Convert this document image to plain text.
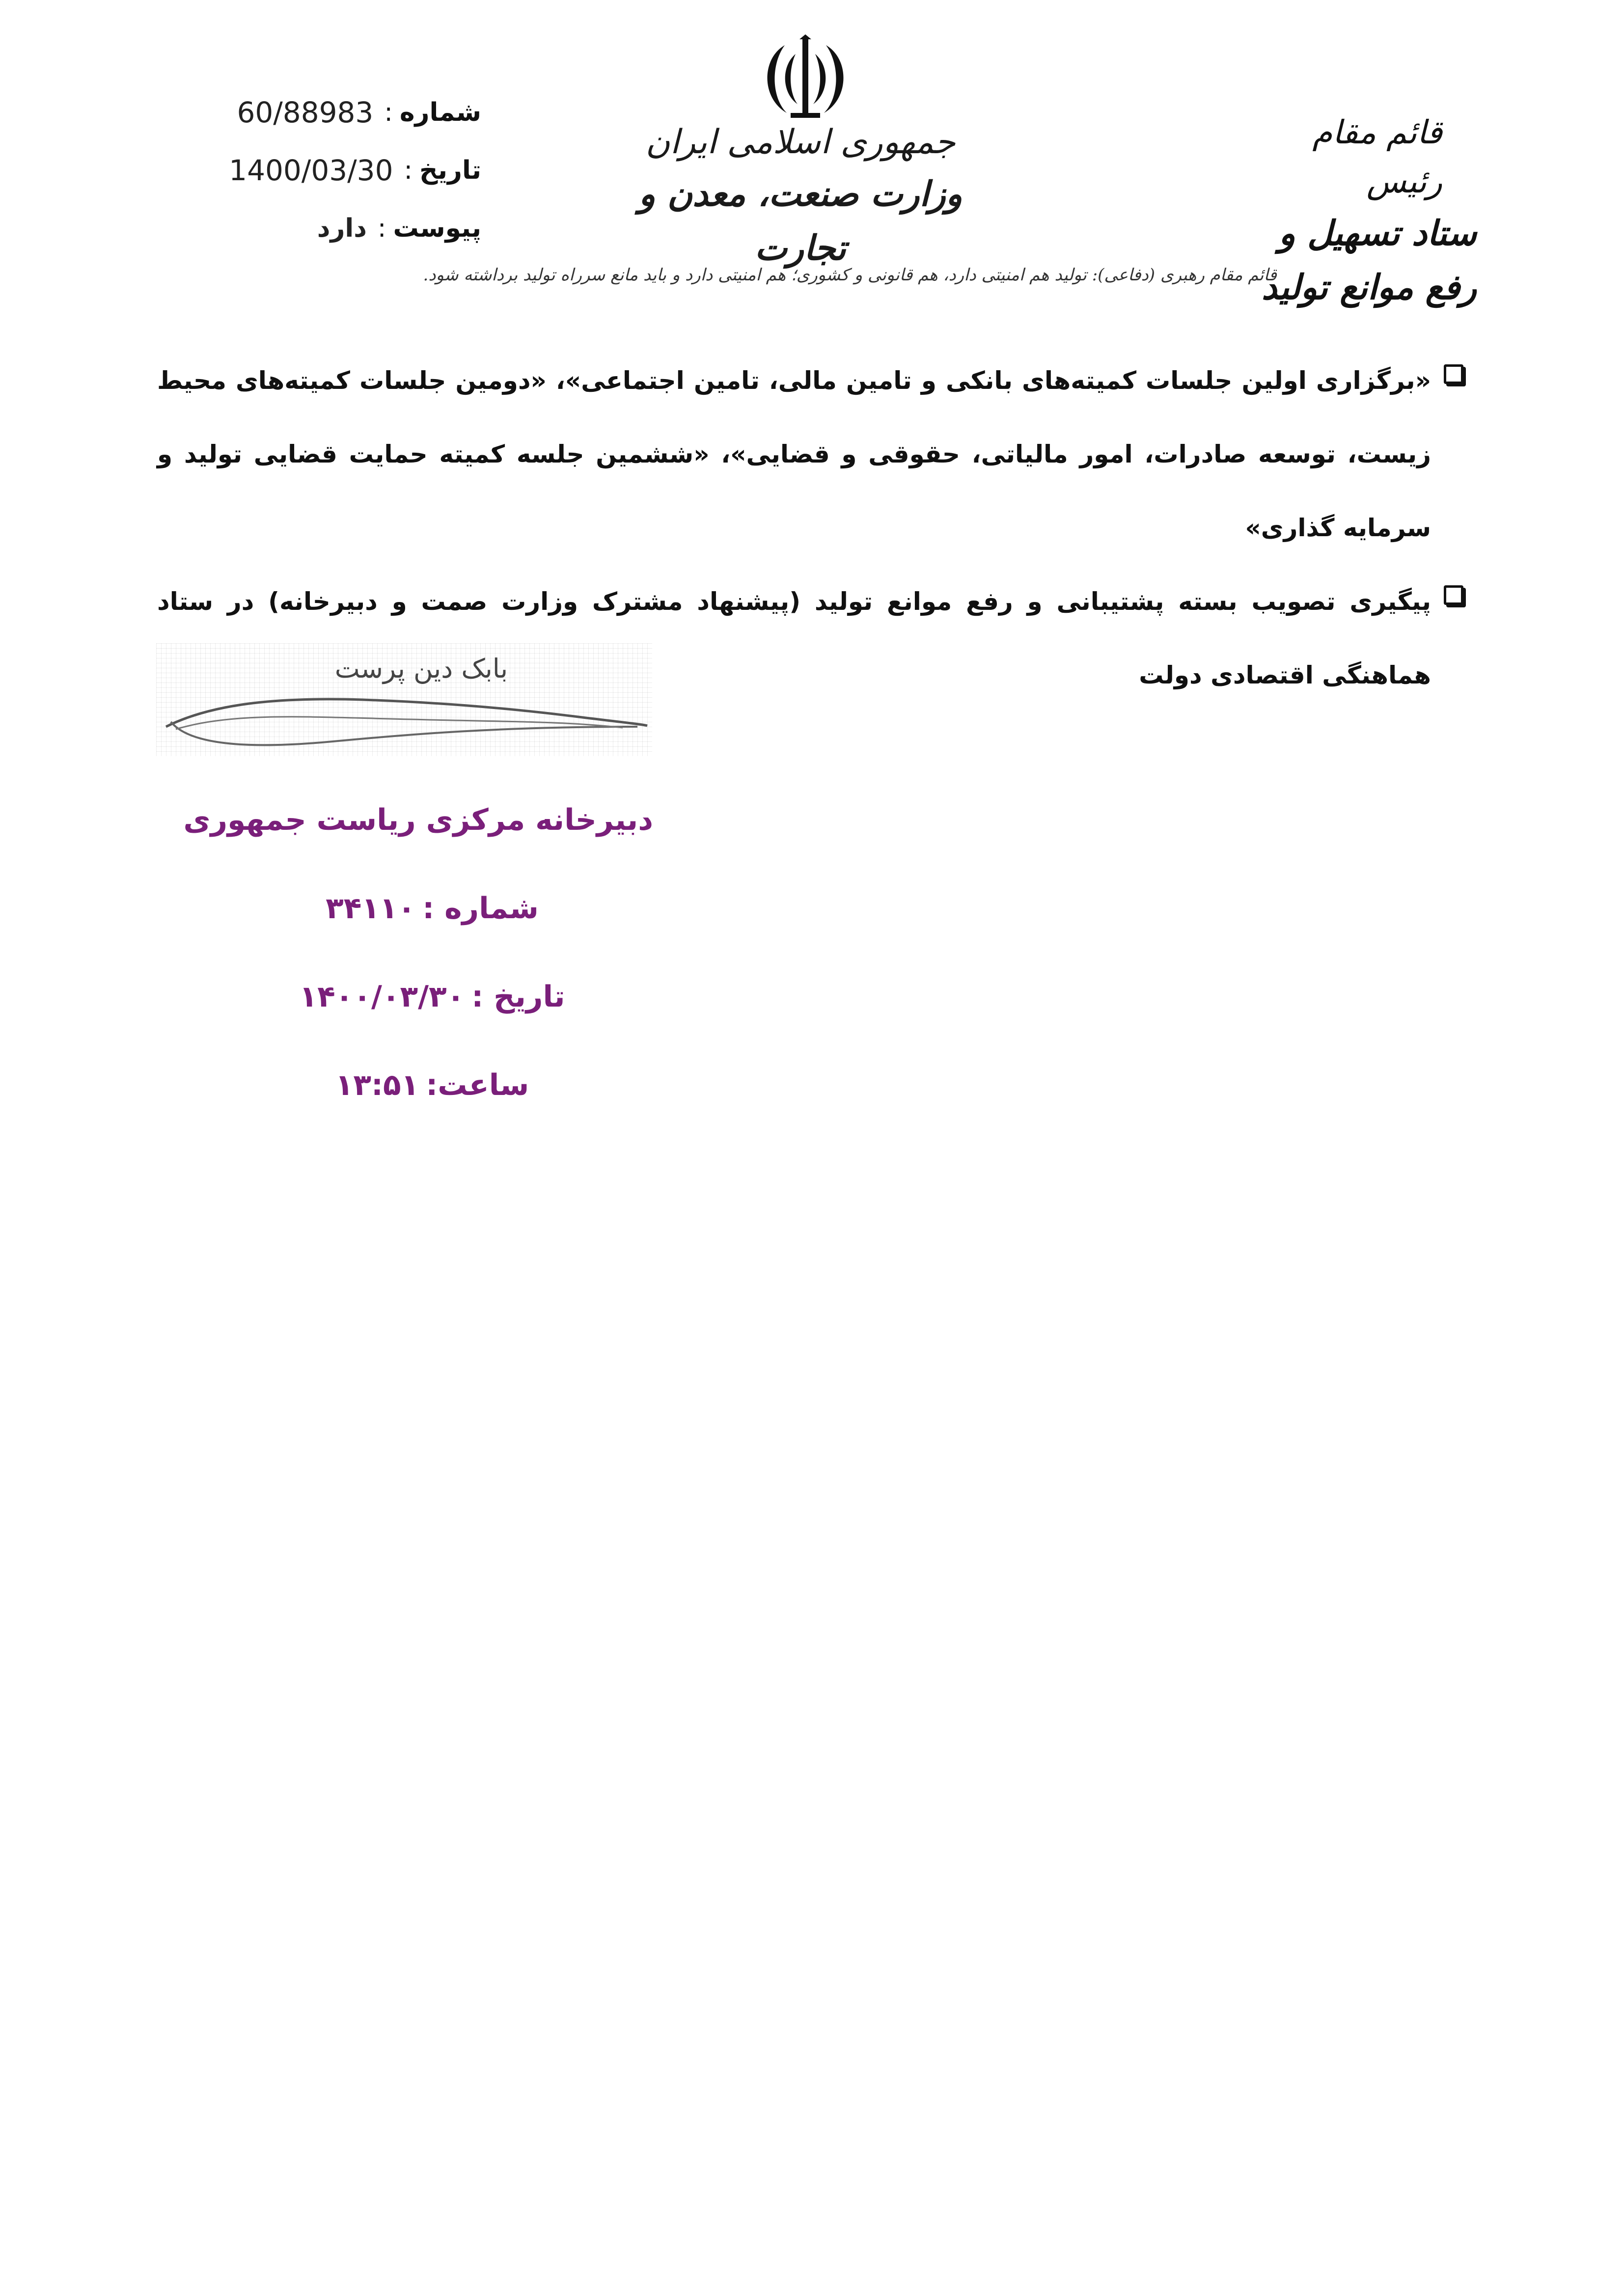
شماره
:
60/88983
تاریخ
:
1400/03/30
پیوست
:
دارد
جمهوری اسلامی ایران
وزارت صنعت، معدن و تجارت
قائم مقام رئیس
ستاد تسهیل و رفع موانع تولید
قائم مقام رهبری (دفاعی): تولید هم امنیتی دارد، هم قانونی و کشوری؛ هم امنیتی دارد و باید مانع سرراه تولید برداشته شود.
«برگزاری اولین جلسات کمیته‌های بانکی و تامین مالی، تامین اجتماعی»، «دومین جلسات کمیته‌های محیط زیست، توسعه صادرات، امور مالیاتی، حقوقی و قضایی»، «ششمین جلسه کمیته حمایت قضایی تولید و سرمایه گذاری»
پیگیری تصویب بسته پشتیبانی و رفع موانع تولید (پیشنهاد مشترک وزارت صمت و دبیرخانه) در ستاد هماهنگی اقتصادی دولت
بابک دین پرست
دبیرخانه مرکزی ریاست جمهوری
شماره :۳۴۱۱۰
تاریخ :۱۴۰۰/۰۳/۳۰
ساعت:۱۳:۵۱
